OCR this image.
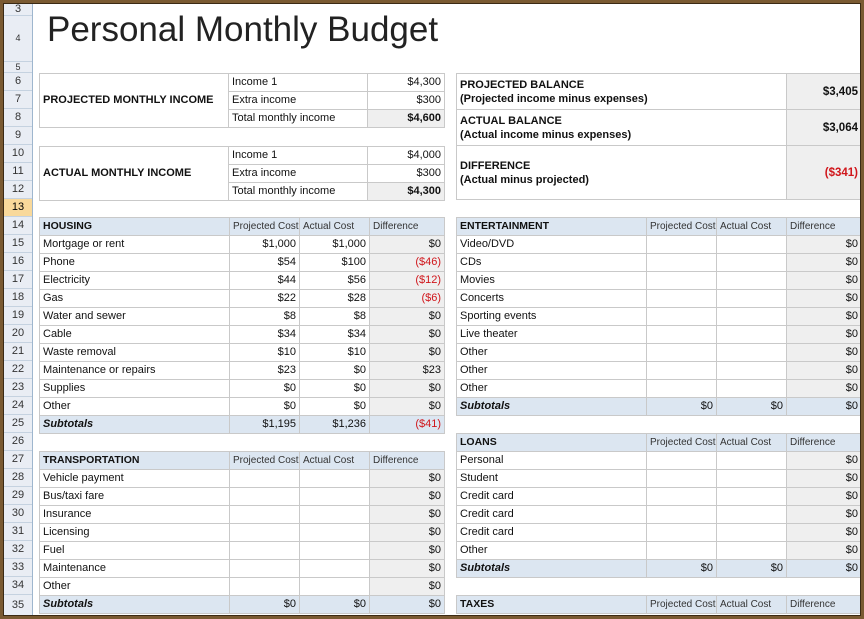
3
4
5
6
7
8
9
10
11
12
13
14
15
16
17
18
19
20
21
22
23
24
25
26
27
28
29
30
31
32
33
34
35
Personal Monthly Budget
PROJECTED MONTHLY INCOME	Income 1	$4,300
	Extra income	$300
	Total monthly income	$4,600
ACTUAL MONTHLY INCOME	Income 1	$4,000
	Extra income	$300
	Total monthly income	$4,300
PROJECTED BALANCE
(Projected income minus expenses)	$3,405
ACTUAL BALANCE
(Actual income minus expenses)	$3,064
DIFFERENCE
(Actual minus projected)	($341)
HOUSING	Projected Cost	Actual Cost	Difference
Mortgage or rent	$1,000	$1,000	$0
Phone	$54	$100	($46)
Electricity	$44	$56	($12)
Gas	$22	$28	($6)
Water and sewer	$8	$8	$0
Cable	$34	$34	$0
Waste removal	$10	$10	$0
Maintenance or repairs	$23	$0	$23
Supplies	$0	$0	$0
Other	$0	$0	$0
Subtotals	$1,195	$1,236	($41)
TRANSPORTATION	Projected Cost	Actual Cost	Difference
Vehicle payment			$0
Bus/taxi fare			$0
Insurance			$0
Licensing			$0
Fuel			$0
Maintenance			$0
Other			$0
Subtotals	$0	$0	$0
ENTERTAINMENT	Projected Cost	Actual Cost	Difference
Video/DVD			$0
CDs			$0
Movies			$0
Concerts			$0
Sporting events			$0
Live theater			$0
Other			$0
Other			$0
Other			$0
Subtotals	$0	$0	$0
LOANS	Projected Cost	Actual Cost	Difference
Personal			$0
Student			$0
Credit card			$0
Credit card			$0
Credit card			$0
Other			$0
Subtotals	$0	$0	$0
TAXES	Projected Cost	Actual Cost	Difference
